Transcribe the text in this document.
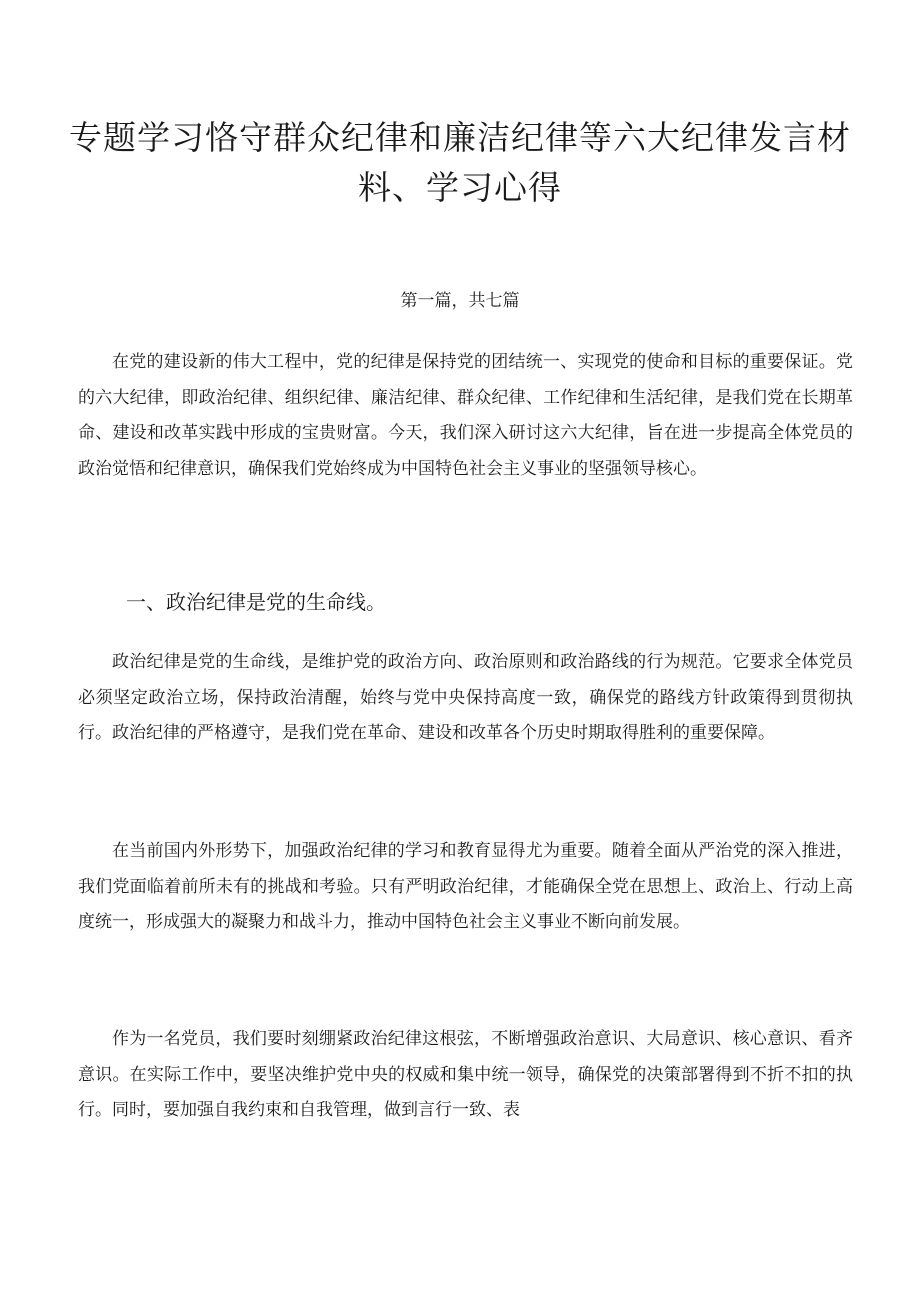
专题学习恪守群众纪律和廉洁纪律等六大纪律发言材料、学习心得

第一篇，共七篇

在党的建设新的伟大工程中，党的纪律是保持党的团结统一、实现党的使命和目标的重要保证。党的六大纪律，即政治纪律、组织纪律、廉洁纪律、群众纪律、工作纪律和生活纪律，是我们党在长期革命、建设和改革实践中形成的宝贵财富。今天，我们深入研讨这六大纪律，旨在进一步提高全体党员的政治觉悟和纪律意识，确保我们党始终成为中国特色社会主义事业的坚强领导核心。

一、政治纪律是党的生命线。

政治纪律是党的生命线，是维护党的政治方向、政治原则和政治路线的行为规范。它要求全体党员必须坚定政治立场，保持政治清醒，始终与党中央保持高度一致，确保党的路线方针政策得到贯彻执行。政治纪律的严格遵守，是我们党在革命、建设和改革各个历史时期取得胜利的重要保障。

在当前国内外形势下，加强政治纪律的学习和教育显得尤为重要。随着全面从严治党的深入推进，我们党面临着前所未有的挑战和考验。只有严明政治纪律，才能确保全党在思想上、政治上、行动上高度统一，形成强大的凝聚力和战斗力，推动中国特色社会主义事业不断向前发展。

作为一名党员，我们要时刻绷紧政治纪律这根弦，不断增强政治意识、大局意识、核心意识、看齐意识。在实际工作中，要坚决维护党中央的权威和集中统一领导，确保党的决策部署得到不折不扣的执行。同时，要加强自我约束和自我管理，做到言行一致、表
